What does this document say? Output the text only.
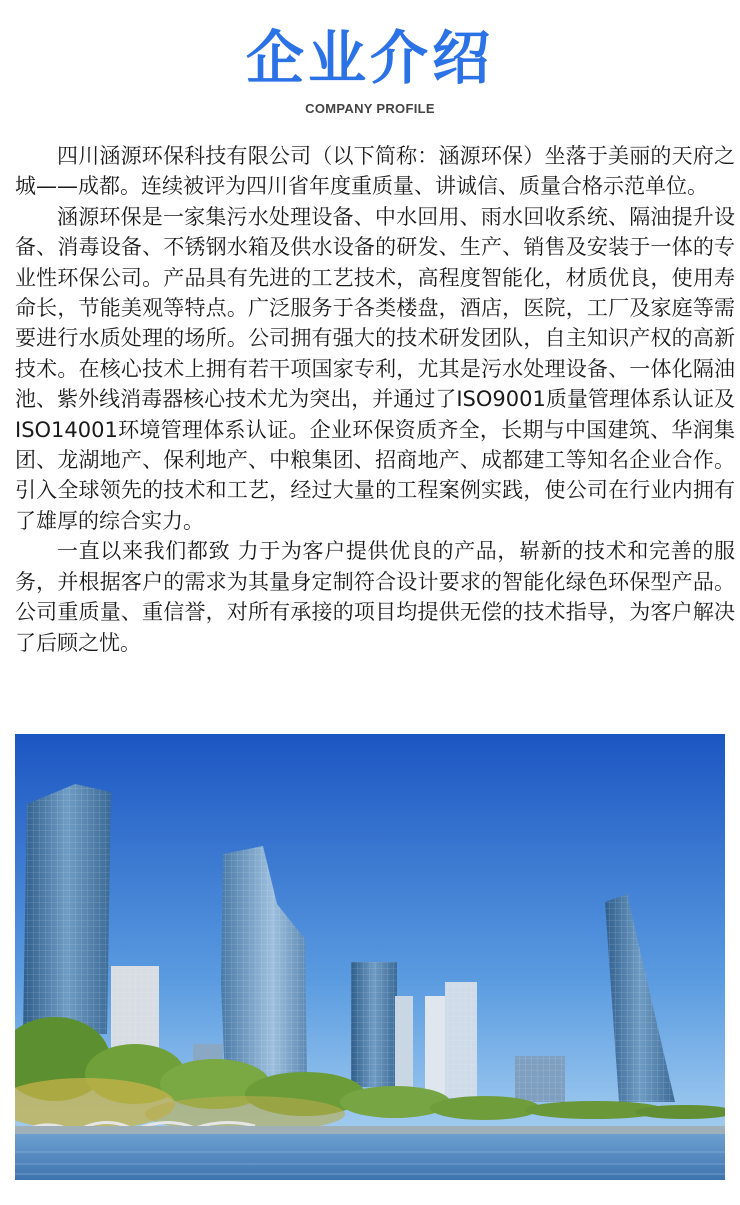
企业介绍
COMPANY PROFILE

四川涵源环保科技有限公司（以下简称：涵源环保）坐落于美丽的天府之城——成都。连续被评为四川省年度重质量、讲诚信、质量合格示范单位。

涵源环保是一家集污水处理设备、中水回用、雨水回收系统、隔油提升设备、消毒设备、不锈钢水箱及供水设备的研发、生产、销售及安装于一体的专业性环保公司。产品具有先进的工艺技术，高程度智能化，材质优良，使用寿命长，节能美观等特点。广泛服务于各类楼盘，酒店，医院，工厂及家庭等需要进行水质处理的场所。公司拥有强大的技术研发团队，自主知识产权的高新技术。在核心技术上拥有若干项国家专利，尤其是污水处理设备、一体化隔油池、紫外线消毒器核心技术尤为突出，并通过了ISO9001质量管理体系认证及ISO14001环境管理体系认证。企业环保资质齐全，长期与中国建筑、华润集团、龙湖地产、保利地产、中粮集团、招商地产、成都建工等知名企业合作。引入全球领先的技术和工艺，经过大量的工程案例实践，使公司在行业内拥有了雄厚的综合实力。

一直以来我们都致 力于为客户提供优良的产品，崭新的技术和完善的服务，并根据客户的需求为其量身定制符合设计要求的智能化绿色环保型产品。公司重质量、重信誉，对所有承接的项目均提供无偿的技术指导，为客户解决了后顾之忧。
